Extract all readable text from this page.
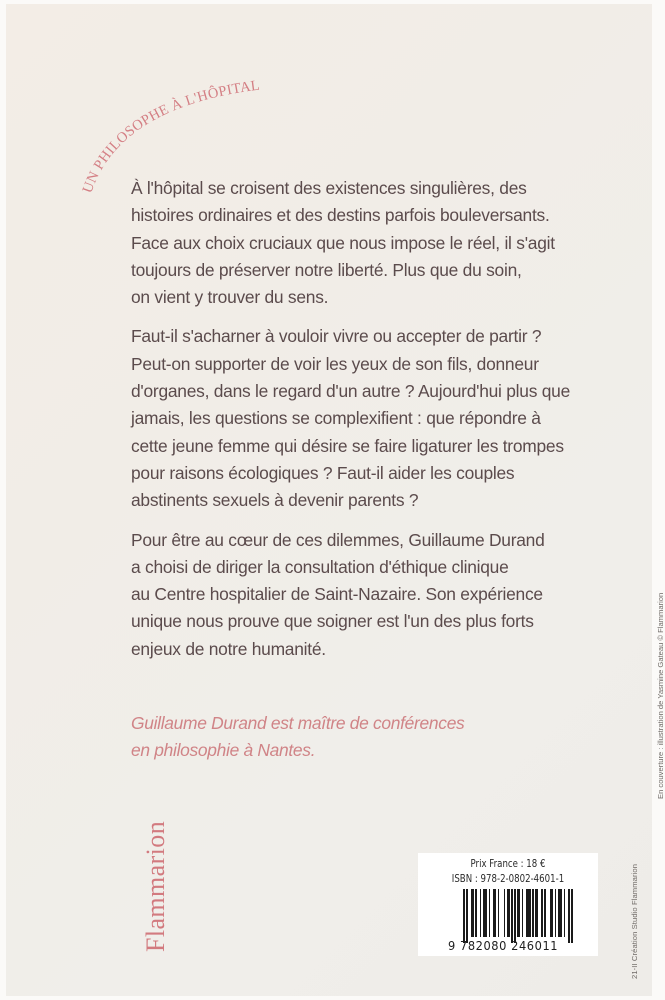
UN PHILOSOPHE À L'HÔPITAL

À l'hôpital se croisent des existences singulières, des
histoires ordinaires et des destins parfois bouleversants.
Face aux choix cruciaux que nous impose le réel, il s'agit
toujours de préserver notre liberté. Plus que du soin,
on vient y trouver du sens.

Faut-il s'acharner à vouloir vivre ou accepter de partir ?
Peut-on supporter de voir les yeux de son fils, donneur
d'organes, dans le regard d'un autre ? Aujourd'hui plus que
jamais, les questions se complexifient : que répondre à
cette jeune femme qui désire se faire ligaturer les trompes
pour raisons écologiques ? Faut-il aider les couples
abstinents sexuels à devenir parents ?

Pour être au cœur de ces dilemmes, Guillaume Durand
a choisi de diriger la consultation d'éthique clinique
au Centre hospitalier de Saint-Nazaire. Son expérience
unique nous prouve que soigner est l'un des plus forts
enjeux de notre humanité.

Guillaume Durand est maître de conférences
en philosophie à Nantes.
Flammarion	Prix France : 18 €
ISBN : 978-2-0802-4601-1
9 782080 246011	21-II Création Studio Flammarion
En couverture : illustration de Yasmine Gateau © Flammarion
